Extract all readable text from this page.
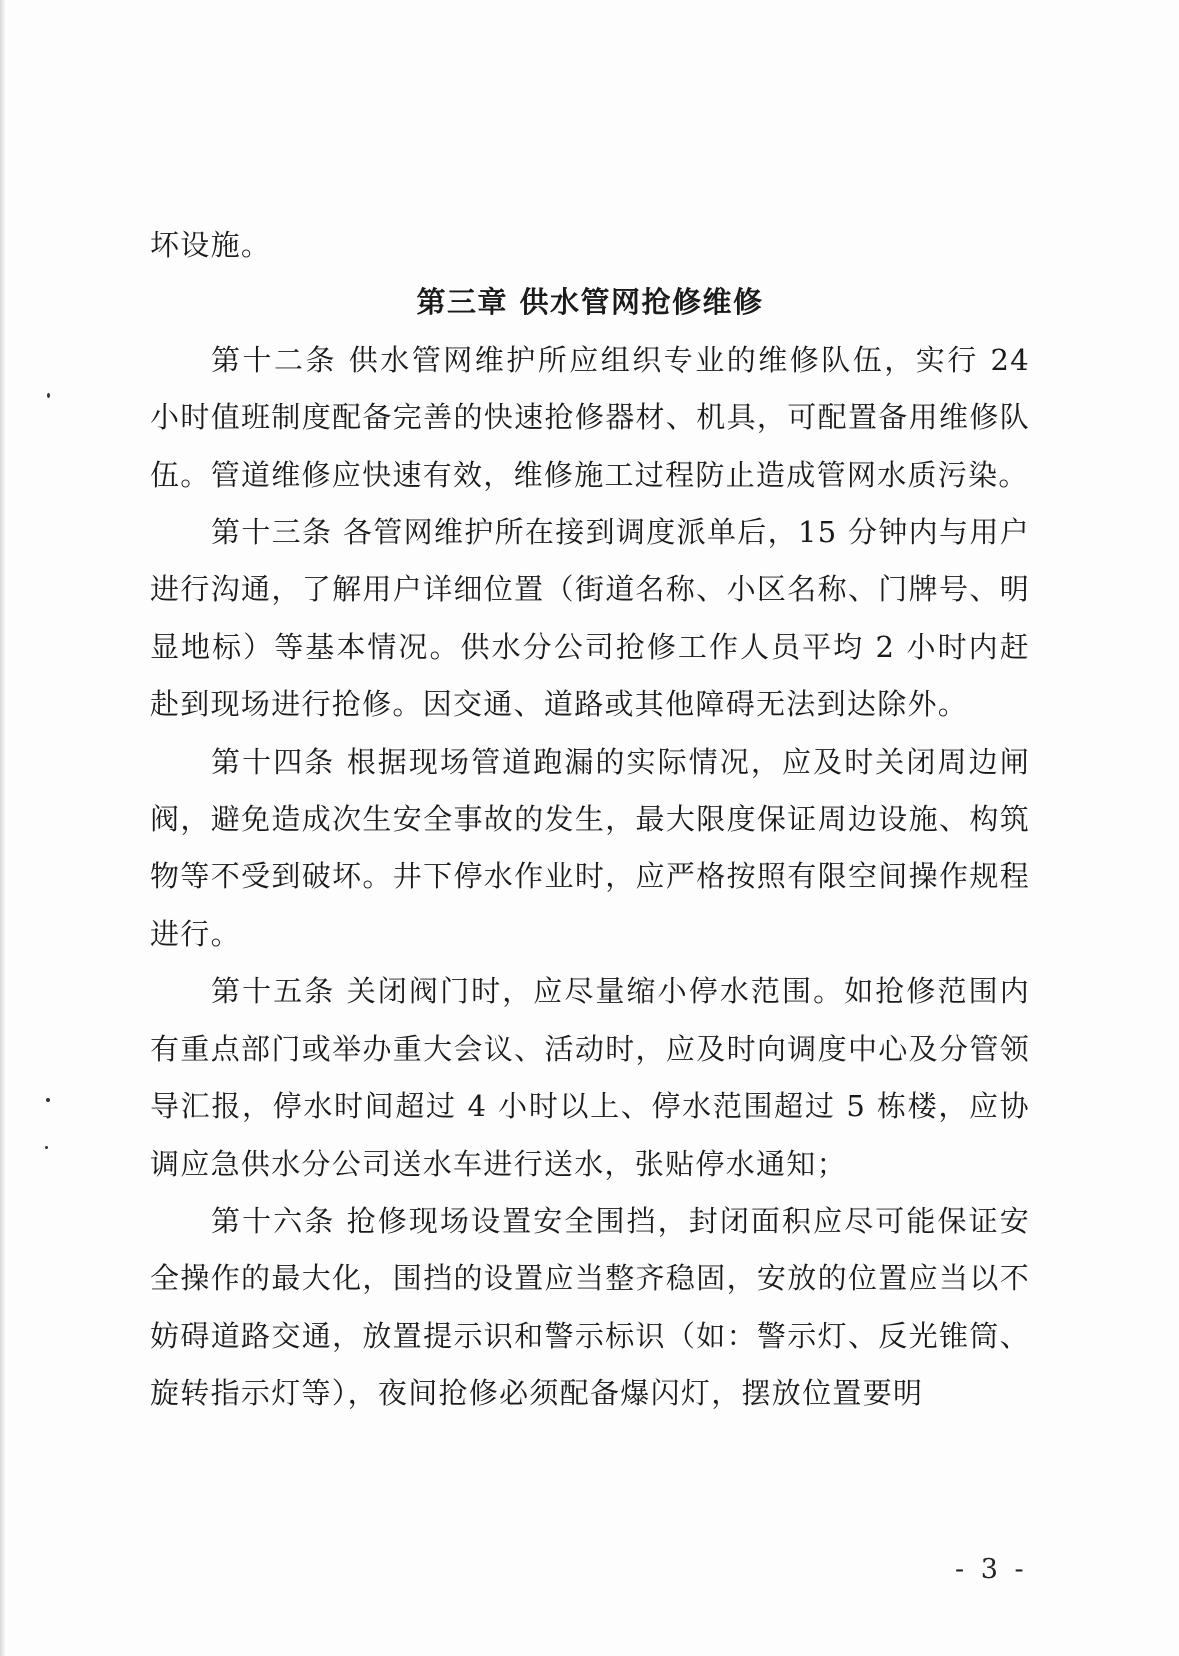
坏设施。

第三章 供水管网抢修维修

第十二条 供水管网维护所应组织专业的维修队伍，实行 24 小时值班制度配备完善的快速抢修器材、机具，可配置备用维修队伍。管道维修应快速有效，维修施工过程防止造成管网水质污染。

第十三条 各管网维护所在接到调度派单后，15 分钟内与用户进行沟通，了解用户详细位置（街道名称、小区名称、门牌号、明显地标）等基本情况。供水分公司抢修工作人员平均 2 小时内赶赴到现场进行抢修。因交通、道路或其他障碍无法到达除外。

第十四条 根据现场管道跑漏的实际情况，应及时关闭周边闸阀，避免造成次生安全事故的发生，最大限度保证周边设施、构筑物等不受到破坏。井下停水作业时，应严格按照有限空间操作规程进行。

第十五条 关闭阀门时，应尽量缩小停水范围。如抢修范围内有重点部门或举办重大会议、活动时，应及时向调度中心及分管领导汇报，停水时间超过 4 小时以上、停水范围超过 5 栋楼，应协调应急供水分公司送水车进行送水，张贴停水通知；

第十六条 抢修现场设置安全围挡，封闭面积应尽可能保证安全操作的最大化，围挡的设置应当整齐稳固，安放的位置应当以不妨碍道路交通，放置提示识和警示标识（如：警示灯、反光锥筒、旋转指示灯等），夜间抢修必须配备爆闪灯，摆放位置要明

- 3 -
